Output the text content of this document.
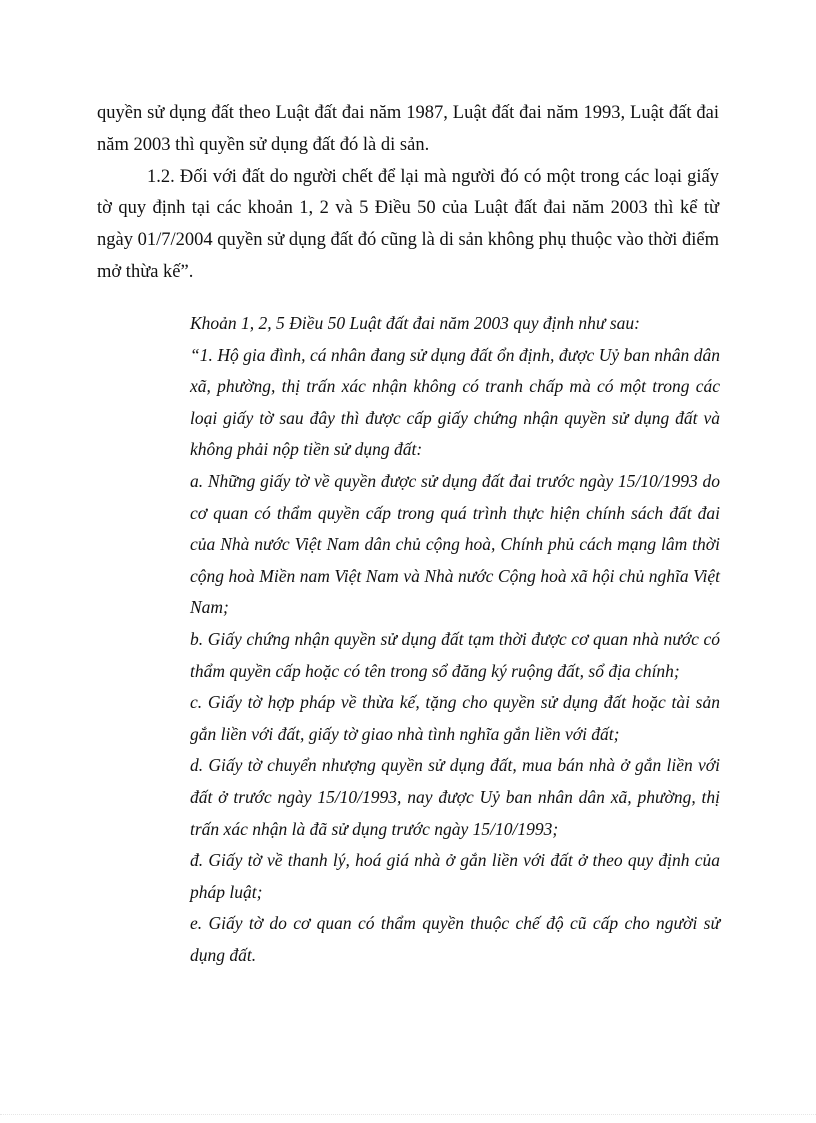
quyền sử dụng đất theo Luật đất đai năm 1987, Luật đất đai năm 1993, Luật đất đai năm 2003 thì quyền sử dụng đất đó là di sản.

1.2. Đối với đất do người chết để lại mà người đó có một trong các loại giấy tờ quy định tại các khoản 1, 2 và 5 Điều 50 của Luật đất đai năm 2003 thì kể từ ngày 01/7/2004 quyền sử dụng đất đó cũng là di sản không phụ thuộc vào thời điểm mở thừa kế”.

Khoản 1, 2, 5 Điều 50 Luật đất đai năm 2003 quy định như sau:

“1. Hộ gia đình, cá nhân đang sử dụng đất ổn định, được Uỷ ban nhân dân xã, phường, thị trấn xác nhận không có tranh chấp mà có một trong các loại giấy tờ sau đây thì được cấp giấy chứng nhận quyền sử dụng đất và không phải nộp tiền sử dụng đất:

a. Những giấy tờ về quyền được sử dụng đất đai trước ngày 15/10/1993 do cơ quan có thẩm quyền cấp trong quá trình thực hiện chính sách đất đai của Nhà nước Việt Nam dân chủ cộng hoà, Chính phủ cách mạng lâm thời cộng hoà Miền nam Việt Nam và Nhà nước Cộng hoà xã hội chủ nghĩa Việt Nam;

b. Giấy chứng nhận quyền sử dụng đất tạm thời được cơ quan nhà nước có thẩm quyền cấp hoặc có tên trong sổ đăng ký ruộng đất, sổ địa chính;

c. Giấy tờ hợp pháp về thừa kế, tặng cho quyền sử dụng đất hoặc tài sản gắn liền với đất, giấy tờ giao nhà tình nghĩa gắn liền với đất;

d. Giấy tờ chuyển nhượng quyền sử dụng đất, mua bán nhà ở gắn liền với đất ở trước ngày 15/10/1993, nay được Uỷ ban nhân dân xã, phường, thị trấn xác nhận là đã sử dụng trước ngày 15/10/1993;

đ. Giấy tờ về thanh lý, hoá giá nhà ở gắn liền với đất ở theo quy định của pháp luật;

e. Giấy tờ do cơ quan có thẩm quyền thuộc chế độ cũ cấp cho người sử dụng đất.
